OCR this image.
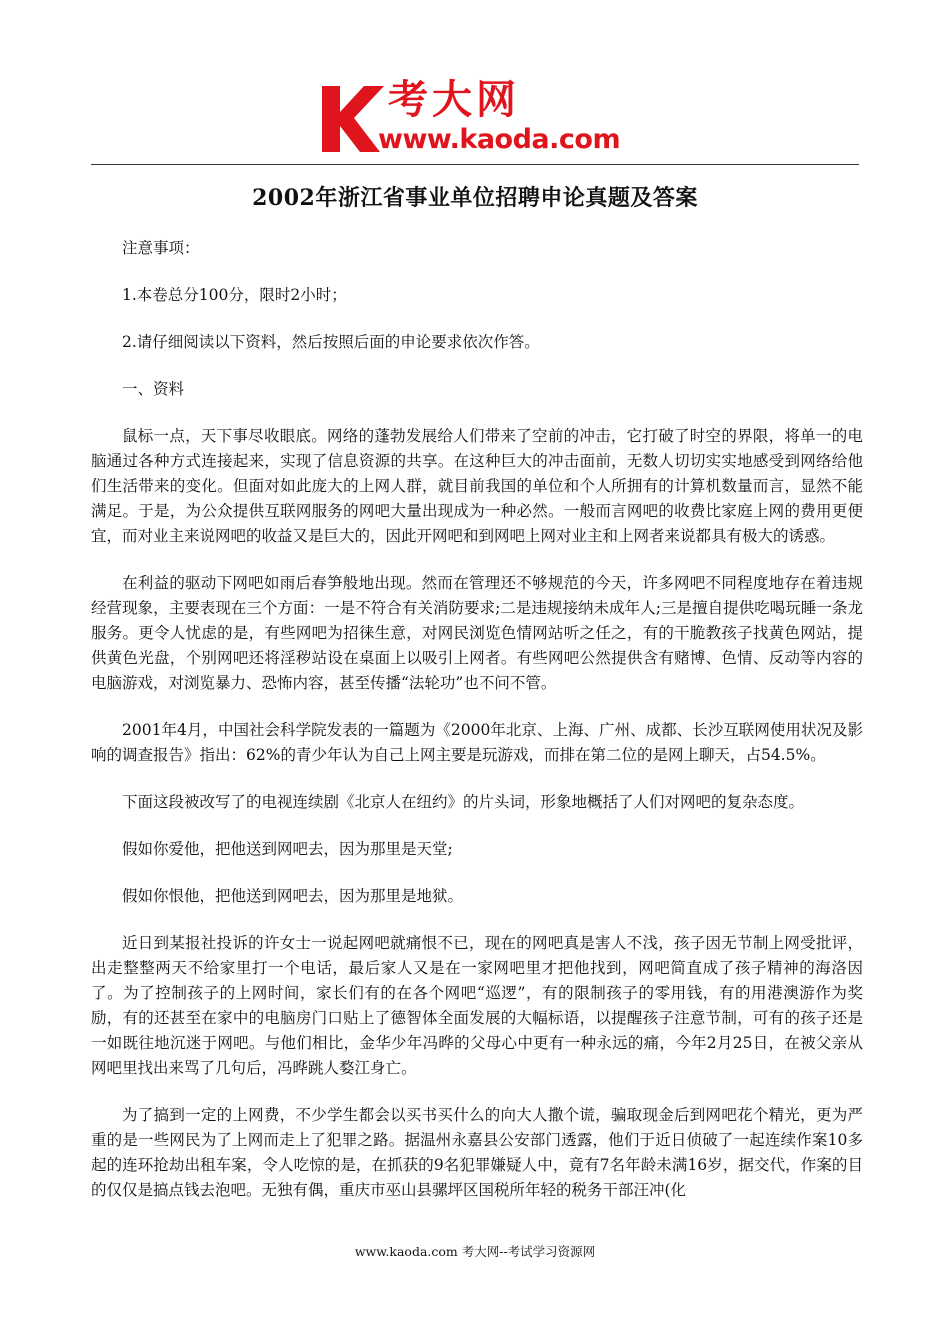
考大网
www.kaoda.com
2002年浙江省事业单位招聘申论真题及答案

注意事项：

1.本卷总分100分，限时2小时；

2.请仔细阅读以下资料，然后按照后面的申论要求依次作答。

一、资料

鼠标一点，天下事尽收眼底。网络的蓬勃发展给人们带来了空前的冲击，它打破了时空的界限，将单一的电脑通过各种方式连接起来，实现了信息资源的共享。在这种巨大的冲击面前，无数人切切实实地感受到网络给他们生活带来的变化。但面对如此庞大的上网人群，就目前我国的单位和个人所拥有的计算机数量而言，显然不能满足。于是，为公众提供互联网服务的网吧大量出现成为一种必然。一般而言网吧的收费比家庭上网的费用更便宜，而对业主来说网吧的收益又是巨大的，因此开网吧和到网吧上网对业主和上网者来说都具有极大的诱惑。

在利益的驱动下网吧如雨后春笋般地出现。然而在管理还不够规范的今天，许多网吧不同程度地存在着违规经营现象，主要表现在三个方面：一是不符合有关消防要求;二是违规接纳未成年人;三是擅自提供吃喝玩睡一条龙服务。更令人忧虑的是，有些网吧为招徕生意，对网民浏览色情网站听之任之，有的干脆教孩子找黄色网站，提供黄色光盘，个别网吧还将淫秽站设在桌面上以吸引上网者。有些网吧公然提供含有赌博、色情、反动等内容的电脑游戏，对浏览暴力、恐怖内容，甚至传播“法轮功”也不问不管。

2001年4月，中国社会科学院发表的一篇题为《2000年北京、上海、广州、成都、长沙互联网使用状况及影响的调查报告》指出：62%的青少年认为自己上网主要是玩游戏，而排在第二位的是网上聊天，占54.5%。

下面这段被改写了的电视连续剧《北京人在纽约》的片头词，形象地概括了人们对网吧的复杂态度。

假如你爱他，把他送到网吧去，因为那里是天堂;

假如你恨他，把他送到网吧去，因为那里是地狱。

近日到某报社投诉的许女士一说起网吧就痛恨不已，现在的网吧真是害人不浅，孩子因无节制上网受批评，出走整整两天不给家里打一个电话，最后家人又是在一家网吧里才把他找到，网吧简直成了孩子精神的海洛因了。为了控制孩子的上网时间，家长们有的在各个网吧“巡逻”，有的限制孩子的零用钱，有的用港澳游作为奖励，有的还甚至在家中的电脑房门口贴上了德智体全面发展的大幅标语，以提醒孩子注意节制，可有的孩子还是一如既往地沉迷于网吧。与他们相比，金华少年冯晔的父母心中更有一种永远的痛，今年2月25日，在被父亲从网吧里找出来骂了几句后，冯晔跳人婺江身亡。

为了搞到一定的上网费，不少学生都会以买书买什么的向大人撒个谎，骗取现金后到网吧花个精光，更为严重的是一些网民为了上网而走上了犯罪之路。据温州永嘉县公安部门透露，他们于近日侦破了一起连续作案10多起的连环抢劫出租车案，令人吃惊的是，在抓获的9名犯罪嫌疑人中，竟有7名年龄未满16岁，据交代，作案的目的仅仅是搞点钱去泡吧。无独有偶，重庆市巫山县骡坪区国税所年轻的税务干部汪冲(化

www.kaoda.com 考大网--考试学习资源网
